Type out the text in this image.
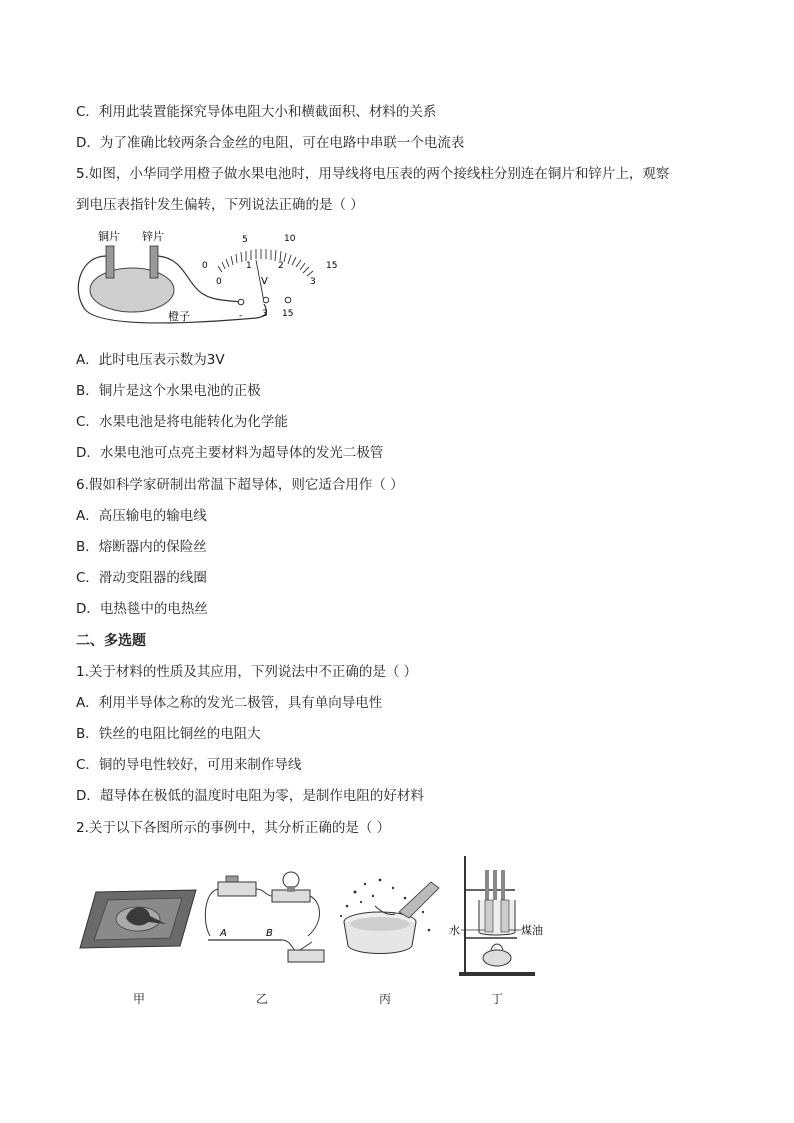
C．利用此装置能探究导体电阻大小和横截面积、材料的关系
D．为了准确比较两条合金丝的电阻，可在电路中串联一个电流表
5.如图，小华同学用橙子做水果电池时，用导线将电压表的两个接线柱分别连在铜片和锌片上，观察
到电压表指针发生偏转，下列说法正确的是（ ）
铜片 锌片
橙子
0
5	10
15
0
1	2
3
V
- 3 15
A．此时电压表示数为3V
B．铜片是这个水果电池的正极
C．水果电池是将电能转化为化学能
D．水果电池可点亮主要材料为超导体的发光二极管
6.假如科学家研制出常温下超导体，则它适合用作（ ）
A．高压输电的输电线
B．熔断器内的保险丝
C．滑动变阻器的线圈
D．电热毯中的电热丝
二、多选题
1.关于材料的性质及其应用，下列说法中不正确的是（ ）
A．利用半导体之称的发光二极管，具有单向导电性
B．铁丝的电阻比铜丝的电阻大
C．铜的导电性较好，可用来制作导线
D．超导体在极低的温度时电阻为零，是制作电阻的好材料
2.关于以下各图所示的事例中，其分析正确的是（ ）
A	B	水	煤油
甲	乙	丙	丁
